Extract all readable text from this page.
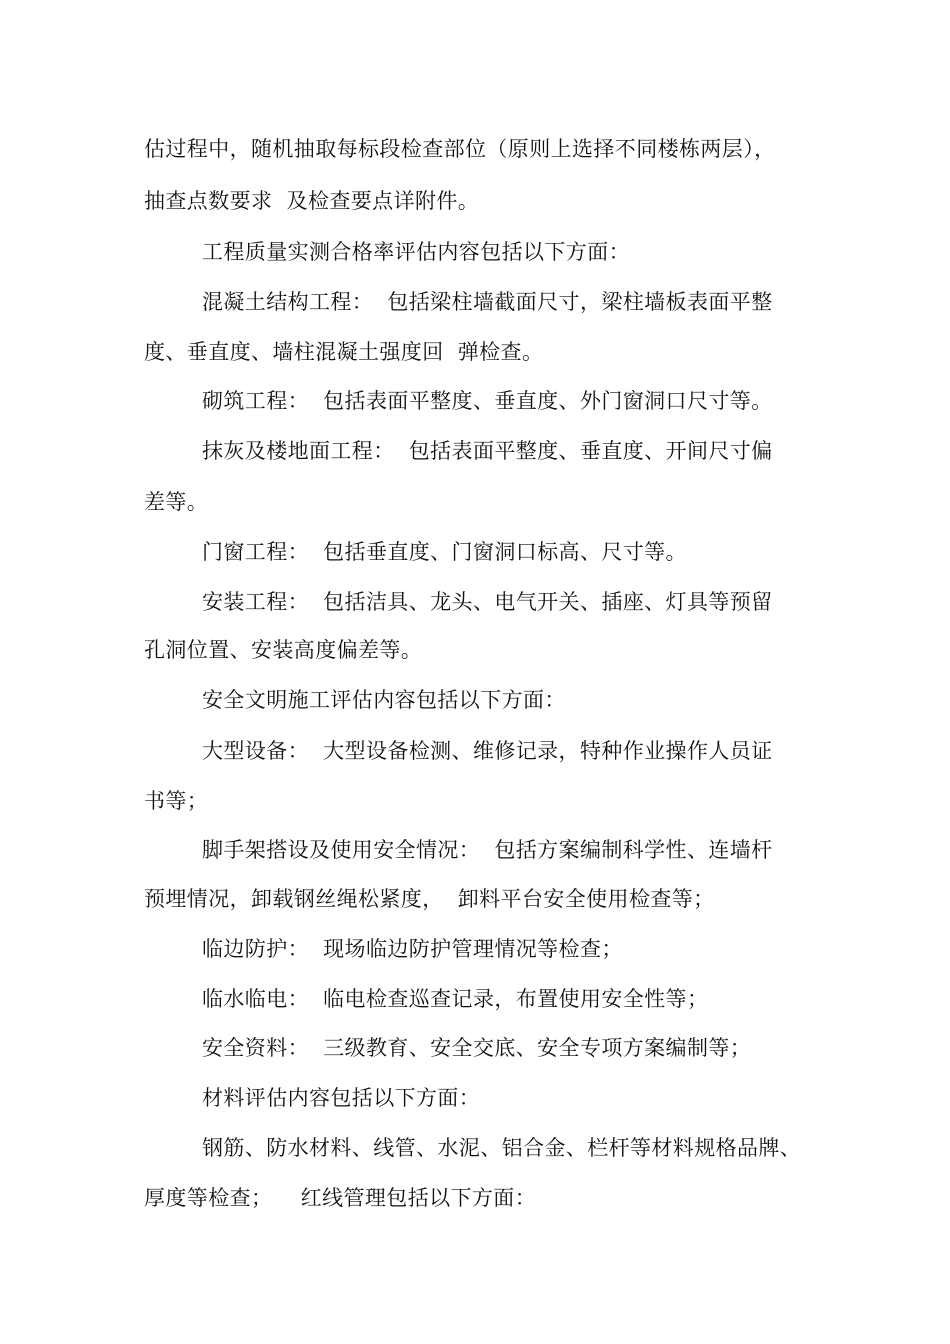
估过程中，随机抽取每标段检查部位（原则上选择不同楼栋两层），
抽查点数要求  及检查要点详附件。
工程质量实测合格率评估内容包括以下方面：
混凝土结构工程：  包括梁柱墙截面尺寸，梁柱墙板表面平整
度、垂直度、墙柱混凝土强度回  弹检查。
砌筑工程：  包括表面平整度、垂直度、外门窗洞口尺寸等。
抹灰及楼地面工程：  包括表面平整度、垂直度、开间尺寸偏
差等。
门窗工程：  包括垂直度、门窗洞口标高、尺寸等。
安装工程：  包括洁具、龙头、电气开关、插座、灯具等预留
孔洞位置、安装高度偏差等。
安全文明施工评估内容包括以下方面：
大型设备：  大型设备检测、维修记录，特种作业操作人员证
书等；
脚手架搭设及使用安全情况：  包括方案编制科学性、连墙杆
预埋情况，卸载钢丝绳松紧度，  卸料平台安全使用检查等；
临边防护：  现场临边防护管理情况等检查；
临水临电：  临电检查巡查记录，布置使用安全性等；
安全资料：  三级教育、安全交底、安全专项方案编制等；
材料评估内容包括以下方面：
钢筋、防水材料、线管、水泥、铝合金、栏杆等材料规格品牌、
厚度等检查；    红线管理包括以下方面：
